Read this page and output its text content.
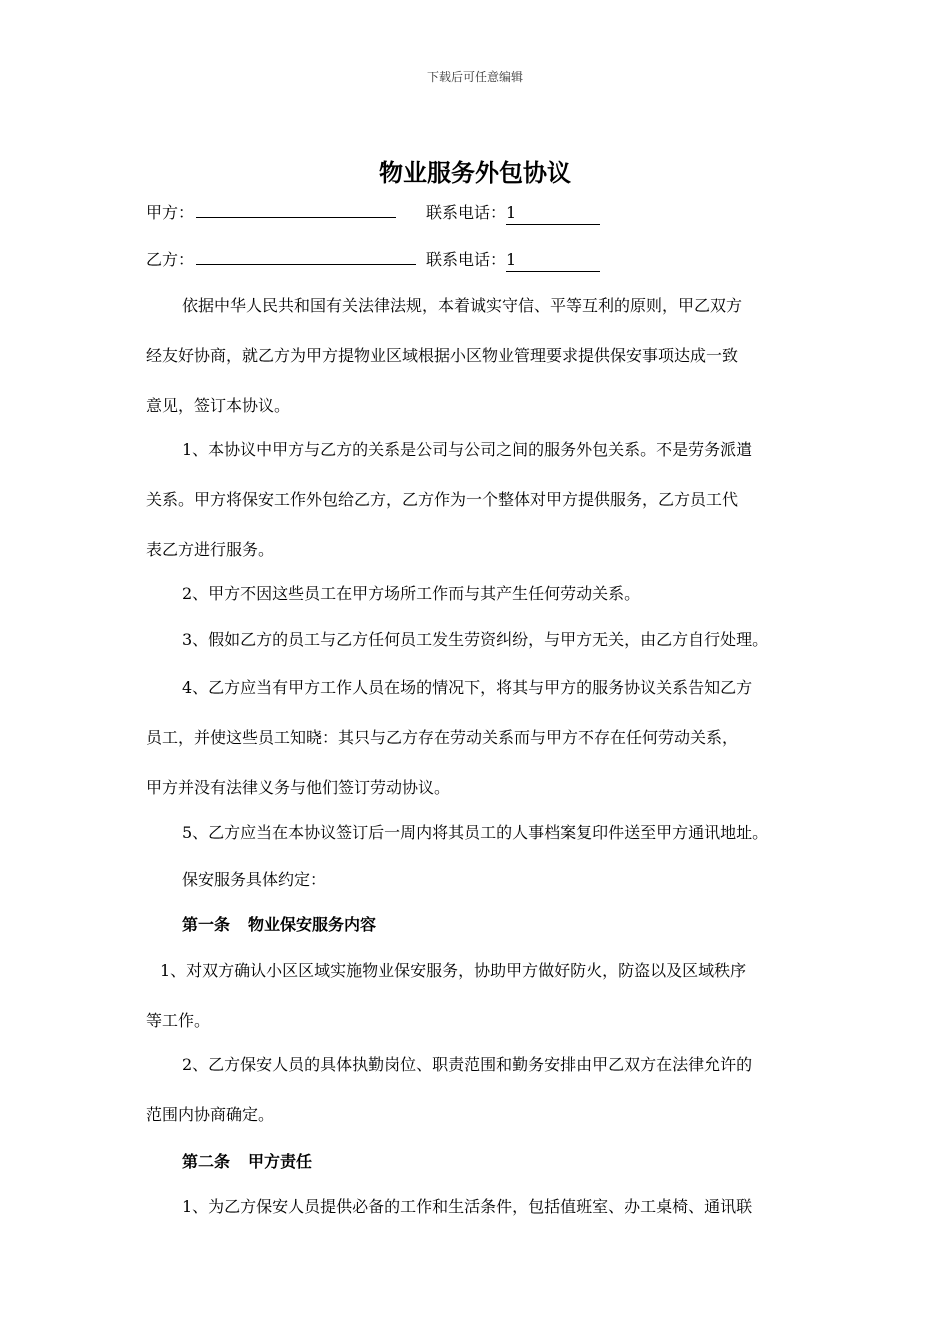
下载后可任意编辑
物业服务外包协议
甲方：	联系电话：1
乙方：	联系电话：1
依据中华人民共和国有关法律法规，本着诚实守信、平等互利的原则，甲乙双方
经友好协商，就乙方为甲方提物业区域根据小区物业管理要求提供保安事项达成一致
意见，签订本协议。
1、本协议中甲方与乙方的关系是公司与公司之间的服务外包关系。不是劳务派遣
关系。甲方将保安工作外包给乙方，乙方作为一个整体对甲方提供服务，乙方员工代
表乙方进行服务。
2、甲方不因这些员工在甲方场所工作而与其产生任何劳动关系。
3、假如乙方的员工与乙方任何员工发生劳资纠纷，与甲方无关，由乙方自行处理。
4、乙方应当有甲方工作人员在场的情况下，将其与甲方的服务协议关系告知乙方
员工，并使这些员工知晓：其只与乙方存在劳动关系而与甲方不存在任何劳动关系，
甲方并没有法律义务与他们签订劳动协议。
5、乙方应当在本协议签订后一周内将其员工的人事档案复印件送至甲方通讯地址。
保安服务具体约定：
第一条 物业保安服务内容
1、对双方确认小区区域实施物业保安服务，协助甲方做好防火，防盗以及区域秩序
等工作。
2、乙方保安人员的具体执勤岗位、职责范围和勤务安排由甲乙双方在法律允许的
范围内协商确定。
第二条 甲方责任
1、为乙方保安人员提供必备的工作和生活条件，包括值班室、办工桌椅、通讯联
